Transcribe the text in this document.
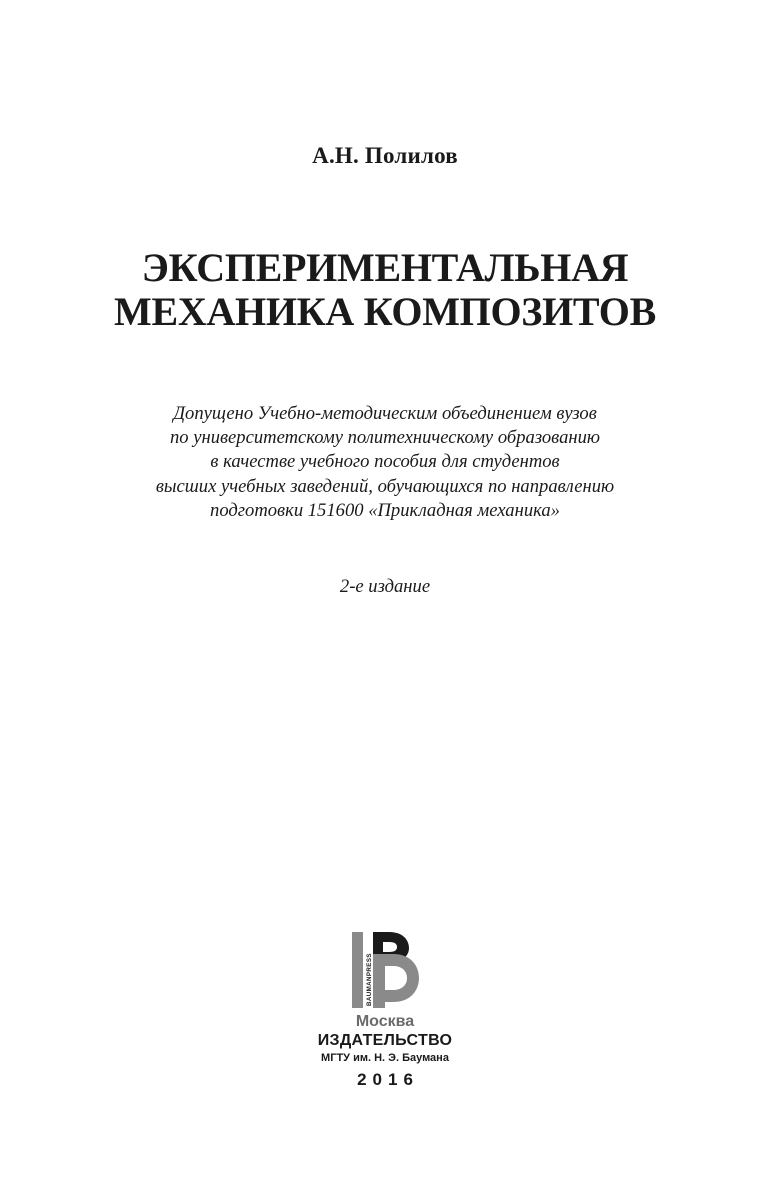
А.Н. Полилов
ЭКСПЕРИМЕНТАЛЬНАЯ
МЕХАНИКА КОМПОЗИТОВ
Допущено Учебно-методическим объединением вузов
по университетскому политехническому образованию
в качестве учебного пособия для студентов
высших учебных заведений, обучающихся по направлению
подготовки 151600 «Прикладная механика»
2-е издание
BAUMANPRESS
Москва
ИЗДАТЕЛЬСТВО
МГТУ им. Н. Э. Баумана
2016
